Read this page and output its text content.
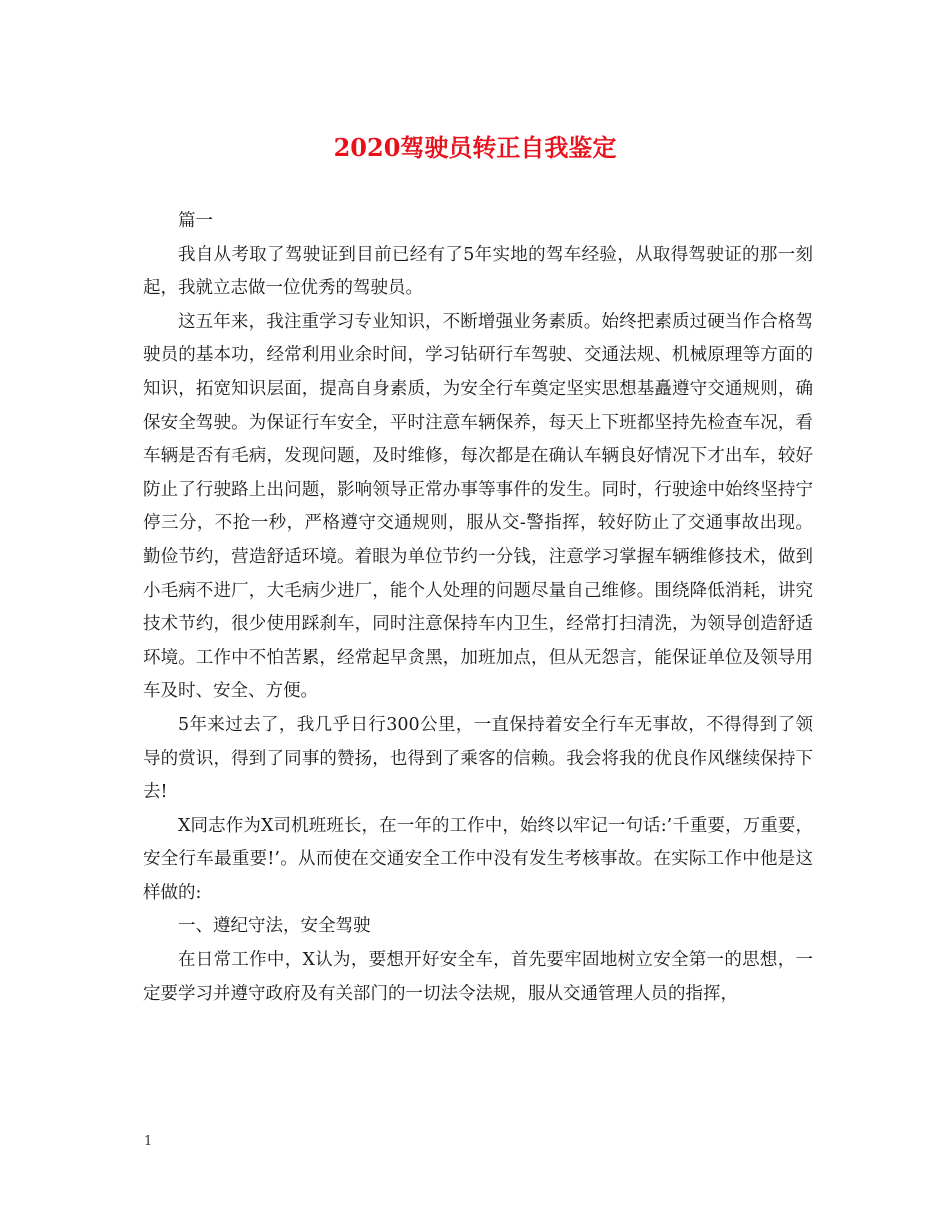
2020驾驶员转正自我鉴定

篇一

我自从考取了驾驶证到目前已经有了5年实地的驾车经验，从取得驾驶证的那一刻起，我就立志做一位优秀的驾驶员。

这五年来，我注重学习专业知识，不断增强业务素质。始终把素质过硬当作合格驾驶员的基本功，经常利用业余时间，学习钻研行车驾驶、交通法规、机械原理等方面的知识，拓宽知识层面，提高自身素质，为安全行车奠定坚实思想基矗遵守交通规则，确保安全驾驶。为保证行车安全，平时注意车辆保养，每天上下班都坚持先检查车况，看车辆是否有毛病，发现问题，及时维修，每次都是在确认车辆良好情况下才出车，较好防止了行驶路上出问题，影响领导正常办事等事件的发生。同时，行驶途中始终坚持宁停三分，不抢一秒，严格遵守交通规则，服从交-警指挥，较好防止了交通事故出现。勤俭节约，营造舒适环境。着眼为单位节约一分钱，注意学习掌握车辆维修技术，做到小毛病不进厂，大毛病少进厂，能个人处理的问题尽量自己维修。围绕降低消耗，讲究技术节约，很少使用踩刹车，同时注意保持车内卫生，经常打扫清洗，为领导创造舒适环境。工作中不怕苦累，经常起早贪黑，加班加点，但从无怨言，能保证单位及领导用车及时、安全、方便。

5年来过去了，我几乎日行300公里，一直保持着安全行车无事故，不得得到了领导的赏识，得到了同事的赞扬，也得到了乘客的信赖。我会将我的优良作风继续保持下去!

X同志作为X司机班班长，在一年的工作中，始终以牢记一句话:’千重要，万重要，安全行车最重要!’。从而使在交通安全工作中没有发生考核事故。在实际工作中他是这样做的:

一、遵纪守法，安全驾驶

在日常工作中，X认为，要想开好安全车，首先要牢固地树立安全第一的思想，一定要学习并遵守政府及有关部门的一切法令法规，服从交通管理人员的指挥，

1
